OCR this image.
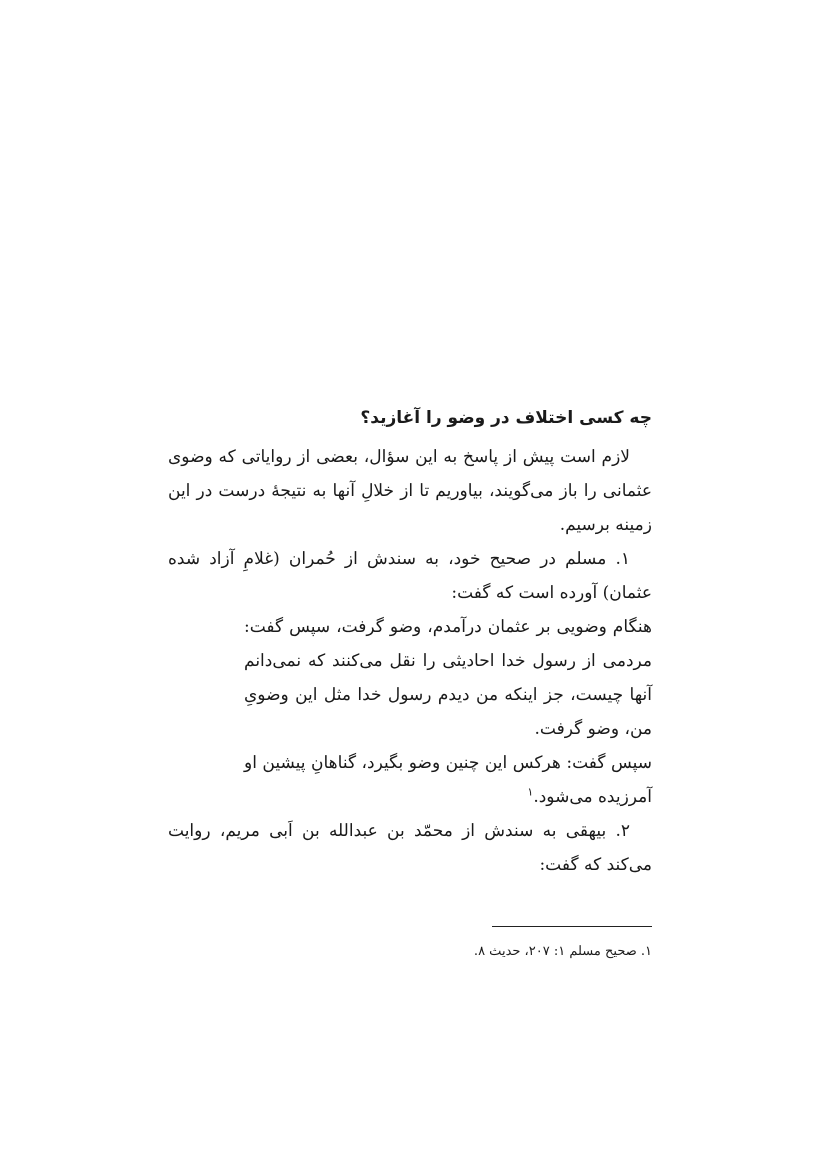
چه کسی اختلاف در وضو را آغازید؟

لازم است پیش از پاسخ به این سؤال، بعضی از روایاتی که وضوی عثمانی را باز می‌گویند، بیاوریم تا از خلالِ آنها به نتیجهٔ درست در این زمینه برسیم.

۱. مسلم در صحیح خود، به سندش از حُمران (غلامِ آزاد شده عثمان) آورده است که گفت:

هنگام وضویی بر عثمان درآمدم، وضو گرفت، سپس گفت: مردمی از رسول خدا احادیثی را نقل می‌کنند که نمی‌دانم آنها چیست، جز اینکه من دیدم رسول خدا مثل این وضویِ من، وضو گرفت.

سپس گفت: هرکس این چنین وضو بگیرد، گناهانِ پیشین او آمرزیده می‌شود.$^۱$

۲. بیهقی به سندش از محمّد بن عبدالله بن اَبی مریم، روایت می‌کند که گفت:

۱. صحیح مسلم ۱: ۲۰۷، حدیث ۸.
